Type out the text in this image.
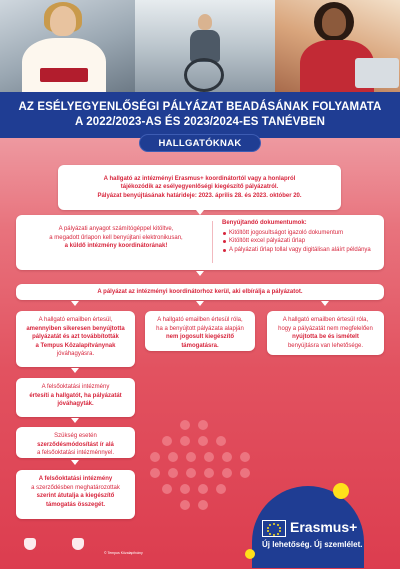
AZ ESÉLYEGYENLŐSÉGI PÁLYÁZAT BEADÁSÁNAK FOLYAMATA
A 2022/2023-AS ÉS 2023/2024-ES TANÉVBEN
HALLGATÓKNAK
A hallgató az intézményi Erasmus+ koordinátortól vagy a honlapról
tájékozódik az esélyegyenlőségi kiegészítő pályázatról.
Pályázat benyújtásának határideje: 2023. április 28. és 2023. október 20.
A pályázati anyagot számítógéppel kitöltve,
a megadott űrlapon kell benyújtani elektronikusan,
a küldő intézmény koordinátorának!
Benyújtandó dokumentumok:
Kitöltött jogosultságot igazoló dokumentum
Kitöltött excel pályázati űrlap
A pályázati űrlap tollal vagy digitálisan aláírt példánya
A pályázat az intézményi koordinátorhoz kerül, aki elbírálja a pályázatot.
A hallgató emailben értesül,
amennyiben sikeresen benyújtotta
pályázatát és azt továbbították
a Tempus Közalapítványnak
jóváhagyásra.
A hallgató emailben értesül róla,
ha a benyújtott pályázata alapján
nem jogosult kiegészítő
támogatásra.
A hallgató emailben értesül róla,
hogy a pályázatát nem megfelelően
nyújtotta be és ismételt
benyújtásra van lehetősége.
A felsőoktatási intézmény
értesíti a hallgatót, ha pályázatát
jóváhagyták.
Szükség esetén
szerződésmódosítást ír alá
a felsőoktatási intézménnyel.
A felsőoktatási intézmény
a szerződésben meghatározottak
szerint átutalja a kiegészítő
támogatás összegét.
Erasmus+
Új lehetőség. Új szemlélet.
© Tempus Közalapítvány
